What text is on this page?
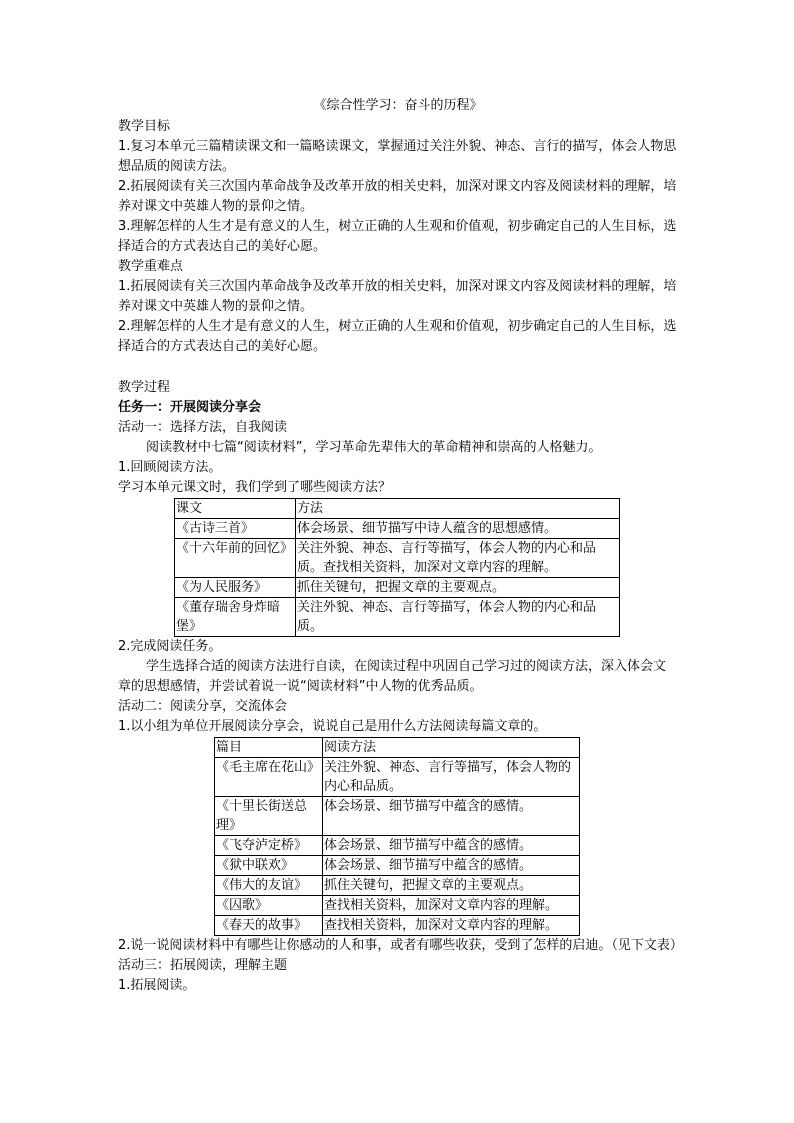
《综合性学习：奋斗的历程》

教学目标

1.复习本单元三篇精读课文和一篇略读课文，掌握通过关注外貌、神态、言行的描写，体会人物思想品质的阅读方法。

2.拓展阅读有关三次国内革命战争及改革开放的相关史料，加深对课文内容及阅读材料的理解，培养对课文中英雄人物的景仰之情。

3.理解怎样的人生才是有意义的人生，树立正确的人生观和价值观，初步确定自己的人生目标，选择适合的方式表达自己的美好心愿。

教学重难点

1.拓展阅读有关三次国内革命战争及改革开放的相关史料，加深对课文内容及阅读材料的理解，培养对课文中英雄人物的景仰之情。

2.理解怎样的人生才是有意义的人生，树立正确的人生观和价值观，初步确定自己的人生目标，选择适合的方式表达自己的美好心愿。

教学过程

任务一：开展阅读分享会

活动一：选择方法，自我阅读

阅读教材中七篇“阅读材料”，学习革命先辈伟大的革命精神和崇高的人格魅力。

1.回顾阅读方法。

学习本单元课文时，我们学到了哪些阅读方法？

课文	方法
《古诗三首》	体会场景、细节描写中诗人蕴含的思想感情。
《十六年前的回忆》	关注外貌、神态、言行等描写，体会人物的内心和品质。查找相关资料，加深对文章内容的理解。
《为人民服务》	抓住关键句，把握文章的主要观点。
《董存瑞舍身炸暗堡》	关注外貌、神态、言行等描写，体会人物的内心和品质。

2.完成阅读任务。

学生选择合适的阅读方法进行自读，在阅读过程中巩固自己学习过的阅读方法，深入体会文章的思想感情，并尝试着说一说“阅读材料”中人物的优秀品质。

活动二：阅读分享，交流体会

1.以小组为单位开展阅读分享会，说说自己是用什么方法阅读每篇文章的。

篇目	阅读方法
《毛主席在花山》	关注外貌、神态、言行等描写，体会人物的内心和品质。
《十里长街送总理》	体会场景、细节描写中蕴含的感情。
《飞夺泸定桥》	体会场景、细节描写中蕴含的感情。
《狱中联欢》	体会场景、细节描写中蕴含的感情。
《伟大的友谊》	抓住关键句，把握文章的主要观点。
《囚歌》	查找相关资料，加深对文章内容的理解。
《春天的故事》	查找相关资料，加深对文章内容的理解。

2.说一说阅读材料中有哪些让你感动的人和事，或者有哪些收获，受到了怎样的启迪。（见下文表）

活动三：拓展阅读，理解主题

1.拓展阅读。
